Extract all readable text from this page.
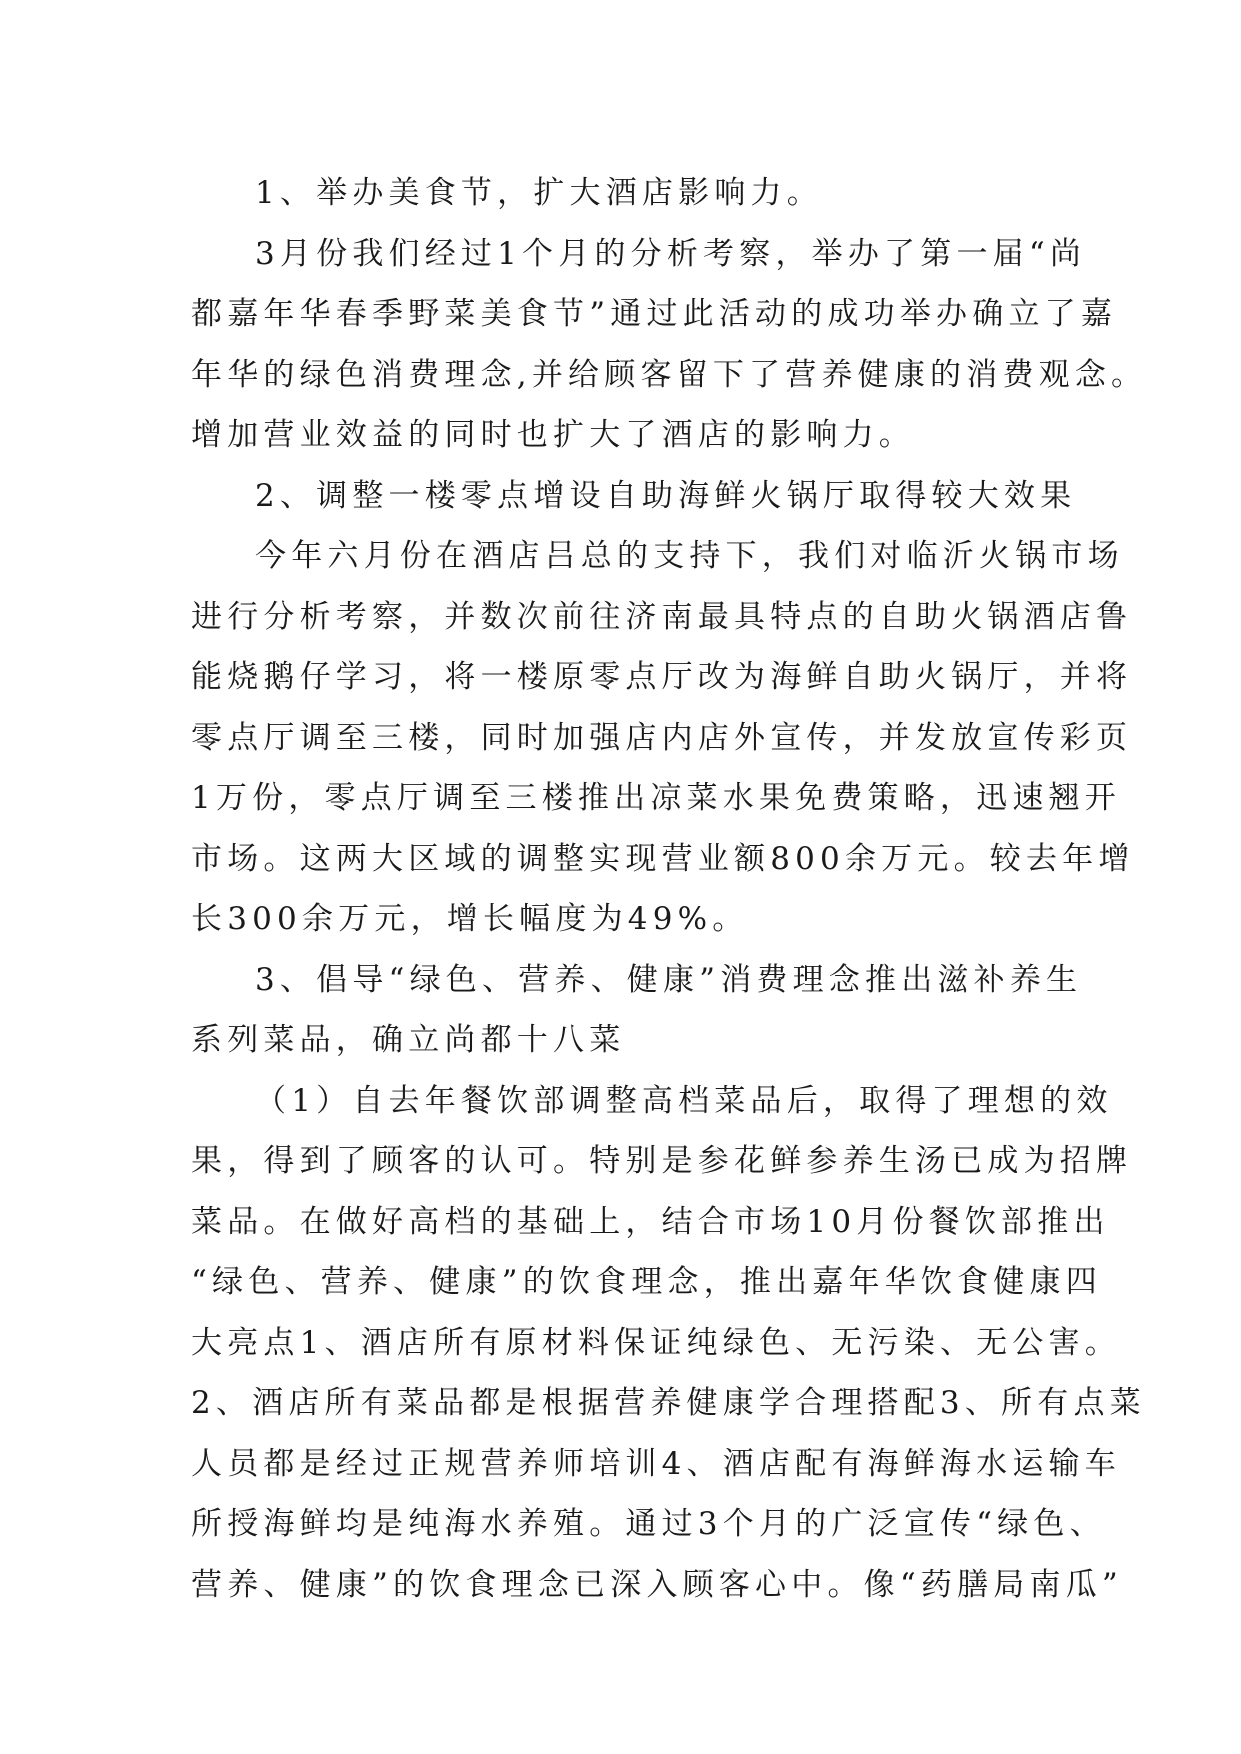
1、举办美食节，扩大酒店影响力。
3月份我们经过1个月的分析考察，举办了第一届“尚
都嘉年华春季野菜美食节”通过此活动的成功举办确立了嘉
年华的绿色消费理念,并给顾客留下了营养健康的消费观念。
增加营业效益的同时也扩大了酒店的影响力。
2、调整一楼零点增设自助海鲜火锅厅取得较大效果
今年六月份在酒店吕总的支持下，我们对临沂火锅市场
进行分析考察，并数次前往济南最具特点的自助火锅酒店鲁
能烧鹅仔学习，将一楼原零点厅改为海鲜自助火锅厅，并将
零点厅调至三楼，同时加强店内店外宣传，并发放宣传彩页
1万份，零点厅调至三楼推出凉菜水果免费策略，迅速翘开
市场。这两大区域的调整实现营业额800余万元。较去年增
长300余万元，增长幅度为49%。
3、倡导“绿色、营养、健康”消费理念推出滋补养生
系列菜品，确立尚都十八菜
（1）自去年餐饮部调整高档菜品后，取得了理想的效
果，得到了顾客的认可。特别是参花鲜参养生汤已成为招牌
菜品。在做好高档的基础上，结合市场10月份餐饮部推出
“绿色、营养、健康”的饮食理念，推出嘉年华饮食健康四
大亮点1、酒店所有原材料保证纯绿色、无污染、无公害。
2、酒店所有菜品都是根据营养健康学合理搭配3、所有点菜
人员都是经过正规营养师培训4、酒店配有海鲜海水运输车
所授海鲜均是纯海水养殖。通过3个月的广泛宣传“绿色、
营养、健康”的饮食理念已深入顾客心中。像“药膳局南瓜”
